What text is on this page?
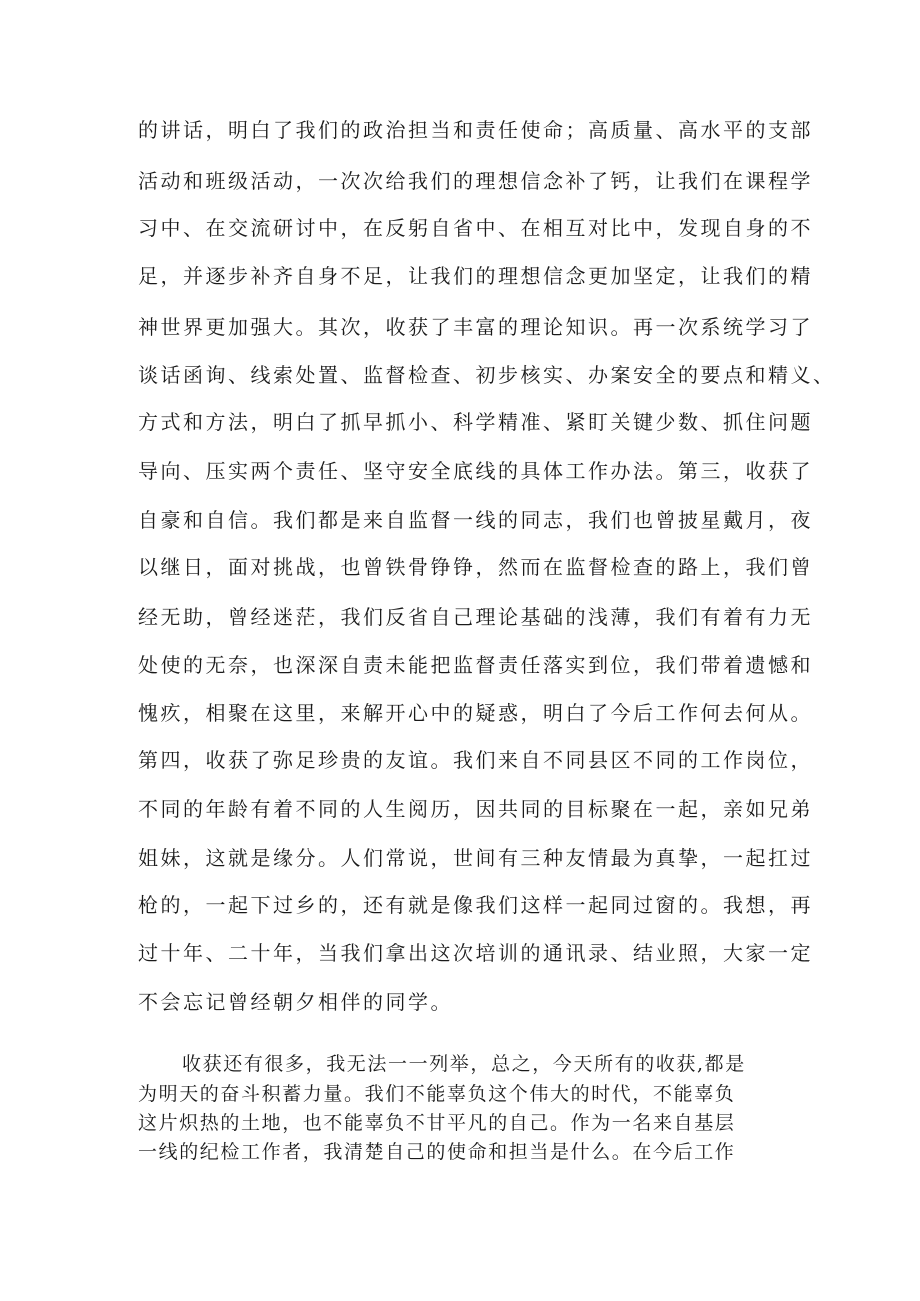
的讲话，明白了我们的政治担当和责任使命；高质量、高水平的支部

活动和班级活动，一次次给我们的理想信念补了钙，让我们在课程学

习中、在交流研讨中，在反躬自省中、在相互对比中，发现自身的不

足，并逐步补齐自身不足，让我们的理想信念更加坚定，让我们的精

神世界更加强大。其次，收获了丰富的理论知识。再一次系统学习了

谈话函询、线索处置、监督检查、初步核实、办案安全的要点和精义、

方式和方法，明白了抓早抓小、科学精准、紧盯关键少数、抓住问题

导向、压实两个责任、坚守安全底线的具体工作办法。第三，收获了

自豪和自信。我们都是来自监督一线的同志，我们也曾披星戴月，夜

以继日，面对挑战，也曾铁骨铮铮，然而在监督检查的路上，我们曾

经无助，曾经迷茫，我们反省自己理论基础的浅薄，我们有着有力无

处使的无奈，也深深自责未能把监督责任落实到位，我们带着遗憾和

愧疚，相聚在这里，来解开心中的疑惑，明白了今后工作何去何从。

第四，收获了弥足珍贵的友谊。我们来自不同县区不同的工作岗位，

不同的年龄有着不同的人生阅历，因共同的目标聚在一起，亲如兄弟

姐妹，这就是缘分。人们常说，世间有三种友情最为真挚，一起扛过

枪的，一起下过乡的，还有就是像我们这样一起同过窗的。我想，再

过十年、二十年，当我们拿出这次培训的通讯录、结业照，大家一定

不会忘记曾经朝夕相伴的同学。

收获还有很多，我无法一一列举，总之，今天所有的收获,都是

为明天的奋斗积蓄力量。我们不能辜负这个伟大的时代，不能辜负

这片炽热的土地，也不能辜负不甘平凡的自己。作为一名来自基层

一线的纪检工作者，我清楚自己的使命和担当是什么。在今后工作
